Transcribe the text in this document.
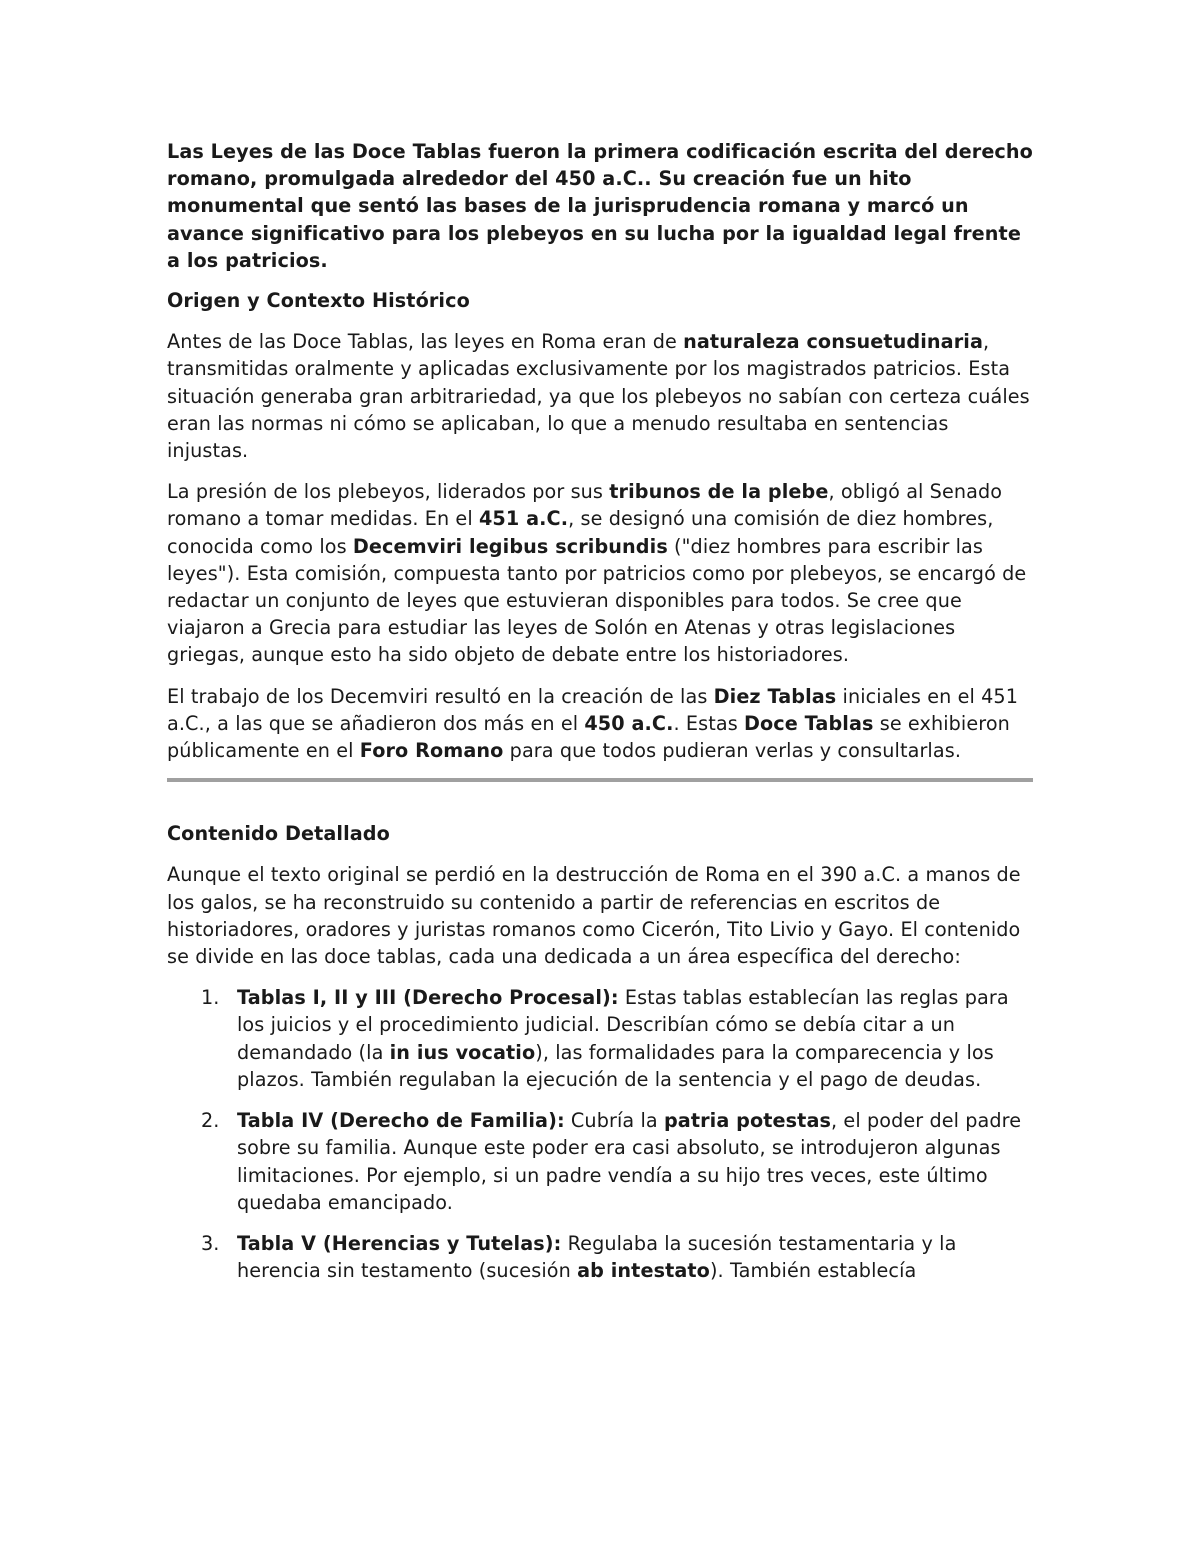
Las Leyes de las Doce Tablas fueron la primera codificación escrita del derecho romano, promulgada alrededor del 450 a.C.. Su creación fue un hito monumental que sentó las bases de la jurisprudencia romana y marcó un avance significativo para los plebeyos en su lucha por la igualdad legal frente a los patricios.

Origen y Contexto Histórico

Antes de las Doce Tablas, las leyes en Roma eran de naturaleza consuetudinaria, transmitidas oralmente y aplicadas exclusivamente por los magistrados patricios. Esta situación generaba gran arbitrariedad, ya que los plebeyos no sabían con certeza cuáles eran las normas ni cómo se aplicaban, lo que a menudo resultaba en sentencias injustas.

La presión de los plebeyos, liderados por sus tribunos de la plebe, obligó al Senado romano a tomar medidas. En el 451 a.C., se designó una comisión de diez hombres, conocida como los Decemviri legibus scribundis ("diez hombres para escribir las leyes"). Esta comisión, compuesta tanto por patricios como por plebeyos, se encargó de redactar un conjunto de leyes que estuvieran disponibles para todos. Se cree que viajaron a Grecia para estudiar las leyes de Solón en Atenas y otras legislaciones griegas, aunque esto ha sido objeto de debate entre los historiadores.

El trabajo de los Decemviri resultó en la creación de las Diez Tablas iniciales en el 451 a.C., a las que se añadieron dos más en el 450 a.C.. Estas Doce Tablas se exhibieron públicamente en el Foro Romano para que todos pudieran verlas y consultarlas.

Contenido Detallado

Aunque el texto original se perdió en la destrucción de Roma en el 390 a.C. a manos de los galos, se ha reconstruido su contenido a partir de referencias en escritos de historiadores, oradores y juristas romanos como Cicerón, Tito Livio y Gayo. El contenido se divide en las doce tablas, cada una dedicada a un área específica del derecho:

1. Tablas I, II y III (Derecho Procesal): Estas tablas establecían las reglas para los juicios y el procedimiento judicial. Describían cómo se debía citar a un demandado (la in ius vocatio), las formalidades para la comparecencia y los plazos. También regulaban la ejecución de la sentencia y el pago de deudas.
2. Tabla IV (Derecho de Familia): Cubría la patria potestas, el poder del padre sobre su familia. Aunque este poder era casi absoluto, se introdujeron algunas limitaciones. Por ejemplo, si un padre vendía a su hijo tres veces, este último quedaba emancipado.
3. Tabla V (Herencias y Tutelas): Regulaba la sucesión testamentaria y la herencia sin testamento (sucesión ab intestato). También establecía
